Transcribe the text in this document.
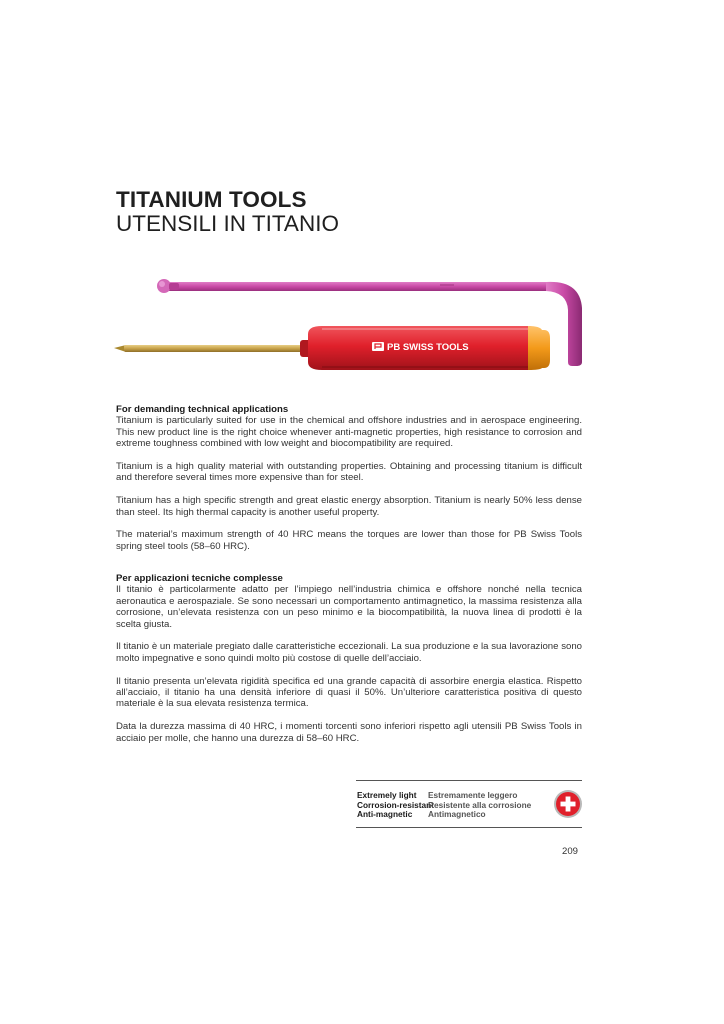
TITANIUM TOOLS
UTENSILI IN TITANIO
PB SWISS TOOLS
For demanding technical applications

Titanium is particularly suited for use in the chemical and offshore industries and in aerospace engineering. This new product line is the right choice whenever anti-magnetic properties, high resistance to corrosion and extreme toughness combined with low weight and biocompatibility are required.

Titanium is a high quality material with outstanding properties. Obtaining and processing titanium is difficult and therefore several times more expensive than for steel.

Titanium has a high specific strength and great elastic energy absorption. Titanium is nearly 50% less dense than steel. Its high thermal capacity is another useful property.

The material’s maximum strength of 40 HRC means the torques are lower than those for PB Swiss Tools spring steel tools (58–60 HRC).

Per applicazioni tecniche complesse

Il titanio è particolarmente adatto per l’impiego nell’industria chimica e offshore nonché nella tecnica aeronautica e aerospaziale. Se sono necessari un comportamento antimagnetico, la massima resistenza alla corrosione, un’elevata resistenza con un peso minimo e la biocompatibilità, la nuova linea di prodotti è la scelta giusta.

Il titanio è un materiale pregiato dalle caratteristiche eccezionali. La sua produzione e la sua lavorazione sono molto impegnative e sono quindi molto più costose di quelle dell’acciaio.

Il titanio presenta un’elevata rigidità specifica ed una grande capacità di assorbire energia elastica. Rispetto all’acciaio, il titanio ha una densità inferiore di quasi il 50%. Un’ulteriore caratteristica positiva di questo materiale è la sua elevata resistenza termica.

Data la durezza massima di 40 HRC, i momenti torcenti sono inferiori rispetto agli utensili PB Swiss Tools in acciaio per molle, che hanno una durezza di 58–60 HRC.

Extremely light
Corrosion-resistant
Anti-magnetic
Estremamente leggero
Resistente alla corrosione
Antimagnetico
209
